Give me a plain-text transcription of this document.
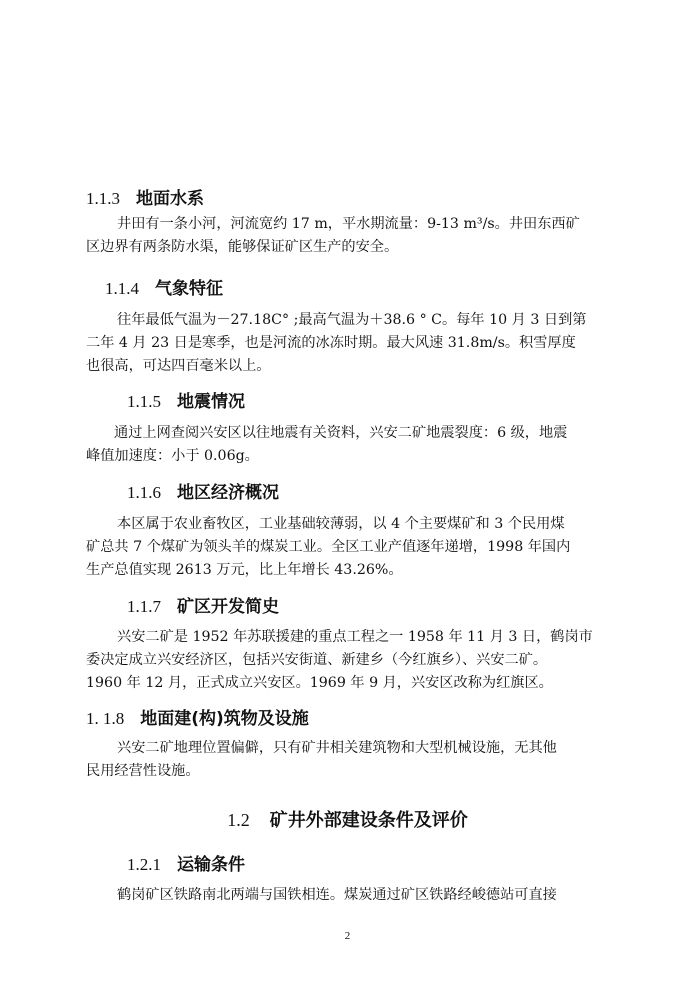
1.1.3 地面水系
井田有一条小河，河流宽约 17 m，平水期流量：9-13 m³/s。井田东西矿
区边界有两条防水渠，能够保证矿区生产的安全。
1.1.4 气象特征
往年最低气温为－27.18C° ;最高气温为＋38.6 ° C。每年 10 月 3 日到第
二年 4 月 23 日是寒季，也是河流的冰冻时期。最大风速 31.8m/s。积雪厚度
也很高，可达四百毫米以上。
1.1.5 地震情况
通过上网查阅兴安区以往地震有关资料，兴安二矿地震裂度：6 级，地震
峰值加速度：小于 0.06g。
1.1.6 地区经济概况
本区属于农业畜牧区，工业基础较薄弱，以 4 个主要煤矿和 3 个民用煤
矿总共 7 个煤矿为领头羊的煤炭工业。全区工业产值逐年递增，1998 年国内
生产总值实现 2613 万元，比上年增长 43.26%。
1.1.7 矿区开发简史
兴安二矿是 1952 年苏联援建的重点工程之一 1958 年 11 月 3 日，鹤岗市
委决定成立兴安经济区，包括兴安街道、新建乡（今红旗乡）、兴安二矿。
1960 年 12 月，正式成立兴安区。1969 年 9 月，兴安区改称为红旗区。
1. 1.8 地面建(构)筑物及设施
兴安二矿地理位置偏僻，只有矿井相关建筑物和大型机械设施，无其他
民用经营性设施。
1.2 矿井外部建设条件及评价
1.2.1 运输条件
鹤岗矿区铁路南北两端与国铁相连。煤炭通过矿区铁路经峻德站可直接
2
